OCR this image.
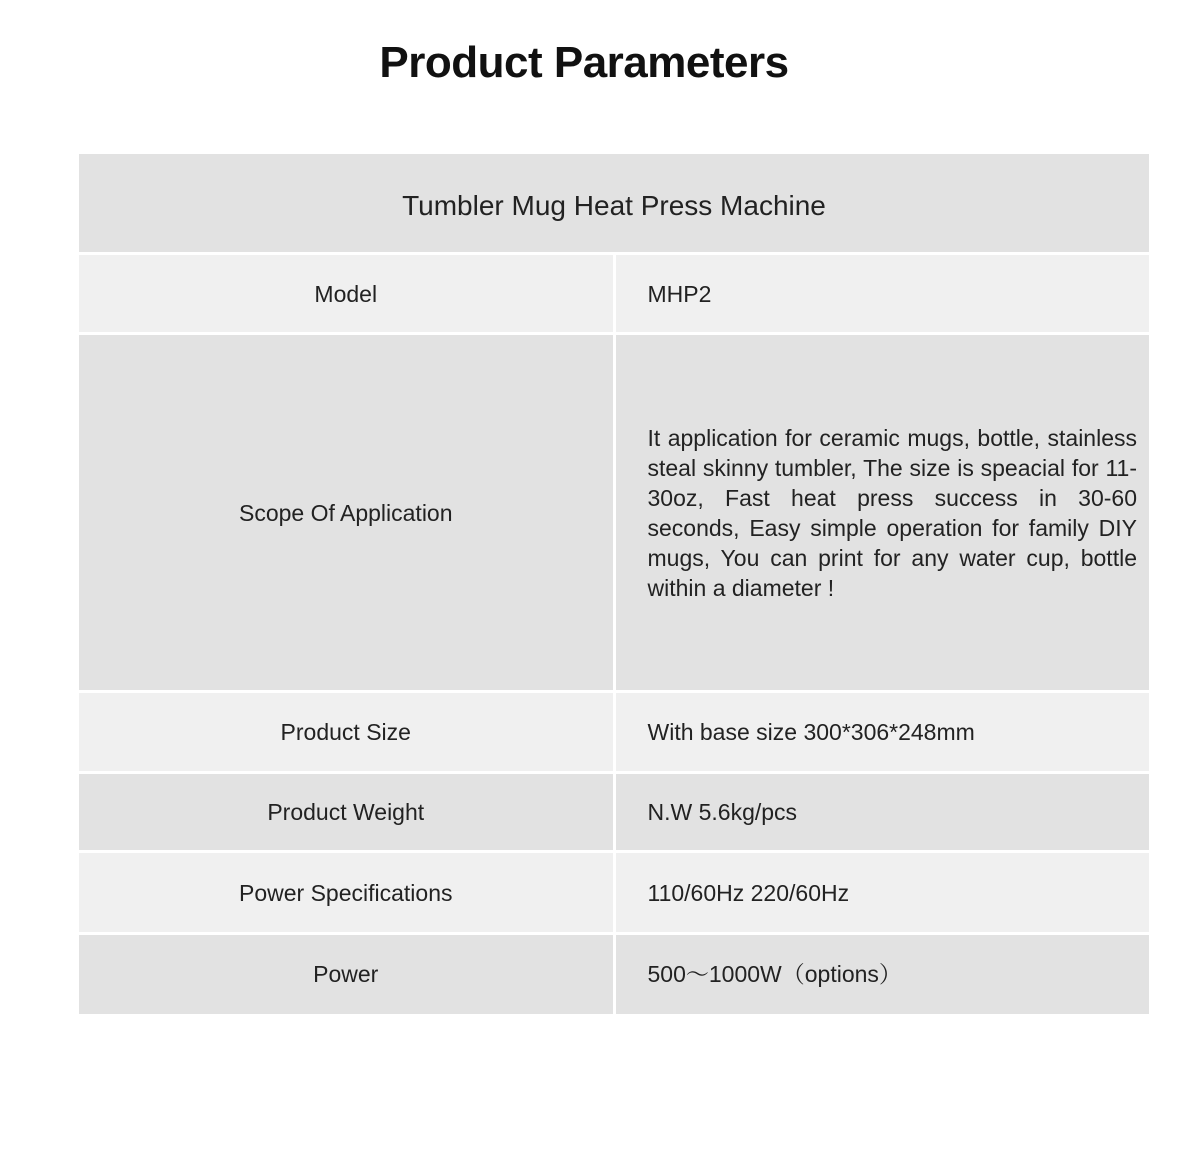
Product Parameters
Tumbler Mug Heat Press Machine	
Model	MHP2
Scope Of Application	It application for ceramic mugs, bottle, stainless steal skinny tumbler, The size is speacial for 11-30oz, Fast heat press success in 30-60 seconds, Easy simple operation for family DIY mugs, You can print for any water cup, bottle within a diameter !
Product Size	With base size 300*306*248mm
Product Weight	N.W 5.6kg/pcs
Power Specifications	110/60Hz 220/60Hz
Power	500～1000W（options）
